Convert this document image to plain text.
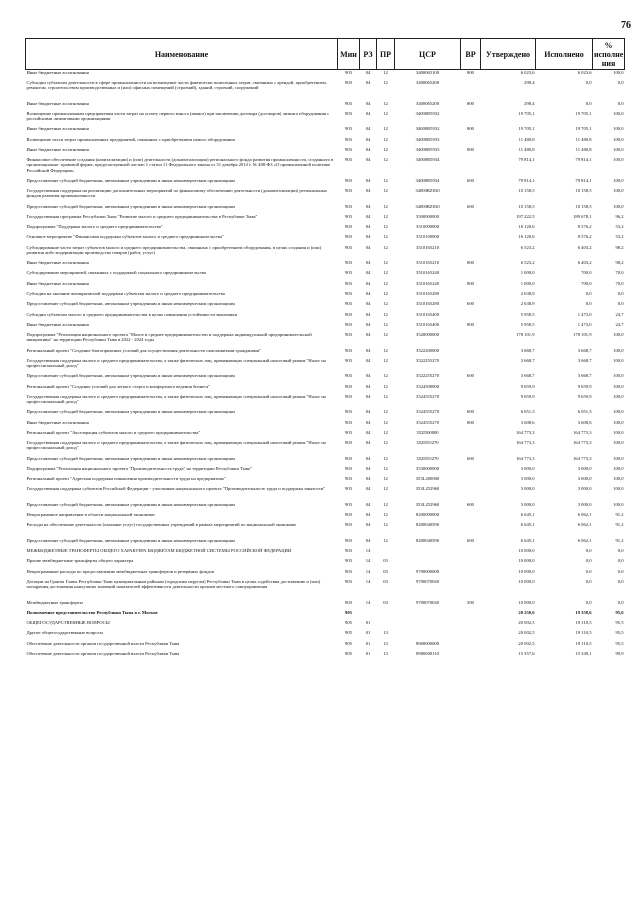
76
Наименование	Мин	РЗ	ПР	ЦСР	ВР	Утверждено	Исполнено	% исполне ния
Иные бюджетные ассигнования	903	04	12	3400065100	800	6 023,6	6 023,6	100,0
Субсидии субъектам деятельности в сфере промышленности на возмещение части фактически понесенных затрат, связанных с арендой, приобретением, ремонтом, строительством производственных и (или) офисных помещений (строений), зданий, строений, сооружений	903	04	12	3400065200		298,4	0,0	0,0
Иные бюджетные ассигнования	903	04	12	3400065200	800	298,4	0,0	0,0
Возмещение промышленным предприятиям части затрат на уплату первого взноса (аванса) при заключении договора (договоров) лизинга оборудования с российскими лизинговыми организациями	903	04	12	34000R5932		19 705,1	19 705,1	100,0
Иные бюджетные ассигнования	903	04	12	34000R5932	800	19 705,1	19 705,1	100,0
Возмещение части затрат промышленных предприятий, связанных с приобретением нового оборудования	903	04	12	34000R5933		11 480,8	11 480,8	100,0
Иные бюджетные ассигнования	903	04	12	34000R5933	800	11 480,8	11 480,8	100,0
Финансовое обеспечение создания (капитализации) и (или) деятельности (докапитализации) регионального фонда развития промышленности, созданного в организационно- правовой форме, предусмотренной частью 1 статьи 11 Федерального закона от 31 декабря 2014 г. № 488-ФЗ «О промышленной политике Российской Федерации»	903	04	12	34000R5934		79 814,1	79 814,1	100,0
Предоставление субсидий бюджетным, автономным учреждениям и иным некоммерческим организациям	903	04	12	34000R5934	600	79 814,1	79 814,1	100,0
Государственная поддержка на реализацию дополнительных мероприятий по финансовому обеспечению деятельности (докапитализации) региональных фондов развития промышленности	903	04	12	34000RZ030		10 158,5	10 158,5	100,0
Предоставление субсидий бюджетным, автономным учреждениям и иным некоммерческим организациям	903	04	12	34000RZ030	600	10 158,5	10 158,5	100,0
Государственная программа Республики Тыва "Развитие малого и среднего предпринимательства в Республике Тыва"	903	04	12	3500000000		197 222,5	189 678,1	96,2
Подпрограмма "Поддержка малого и среднего предпринимательства"	903	04	12	3510000000		16 120,6	8 576,2	53,2
Основное мероприятие "Финансовая поддержка субъектов малого и среднего предпринимательства"	903	04	12	3510100000		16 120,6	8 576,2	53,2
Субсидирование части затрат субъектов малого и среднего предпринимательства, связанных с приобретением оборудования, в целях создания и (или) развития либо модернизации производства товаров (работ, услуг)	903	04	12	3510165210		6 523,2	6 403,2	98,2
Иные бюджетные ассигнования	903	04	12	3510165210	800	6 523,2	6 403,2	98,2
Субсидирование мероприятий, связанных с поддержкой социального предпринимательства	903	04	12	3510165240		1 000,0	700,0	70,0
Иные бюджетные ассигнования	903	04	12	3510165240	800	1 000,0	700,0	70,0
Субсидии на оказание антикризисной поддержки субъектам малого и среднего предпринимательства	903	04	12	3510165280		2 638,9	0,0	0,0
Предоставление субсидий бюджетным, автономным учреждениям и иным некоммерческим организациям	903	04	12	3510165280	600	2 638,9	0,0	0,0
Субсидии субъектам малого и среднего предпринимательства в целях повышения устойчивости экономики	903	04	12	3510165400		5 958,5	1 473,0	24,7
Иные бюджетные ассигнования	903	04	12	3510165400	800	5 958,5	1 473,0	24,7
Подпрограмма "Реализация национального проекта "Малое и среднее предпринимательство и поддержка индивидуальной предпринимательской инициативы" на территории Республики Тыва в 2022 - 2024 годы	903	04	12	3520000000		178 101,9	178 101,9	100,0
Региональный проект "Создание благоприятных условий для осуществления деятельности самозанятыми гражданами"	903	04	12	3522200000		3 668,7	3 668,7	100,0
Государственная поддержка малого и среднего предпринимательства, а также физических лиц, применяющих специальный налоговый режим "Налог на профессиональный доход"	903	04	12	3522255270		3 668,7	3 668,7	100,0
Предоставление субсидий бюджетным, автономным учреждениям и иным некоммерческим организациям	903	04	12	3522255270	600	3 668,7	3 668,7	100,0
Региональный проект "Создание условий для легкого старта и комфортного ведения бизнеса"	903	04	12	3524500000		9 659,9	9 659,9	100,0
Государственная поддержка малого и среднего предпринимательства, а также физических лиц, применяющих специальный налоговый режим "Налог на профессиональный доход"	903	04	12	3524555270		9 659,9	9 659,9	100,0
Предоставление субсидий бюджетным, автономным учреждениям и иным некоммерческим организациям	903	04	12	3524555270	600	6 051,3	6 051,3	100,0
Иные бюджетные ассигнования	903	04	12	3524555270	800	3 608,6	3 608,6	100,0
Региональный проект "Акселерация субъектов малого и среднего предпринимательства"	903	04	12	352I500000		164 773,3	164 773,3	100,0
Государственная поддержка малого и среднего предпринимательства, а также физических лиц, применяющих специальный налоговый режим "Налог на профессиональный доход"	903	04	12	352I555270		164 773,3	164 773,3	100,0
Предоставление субсидий бюджетным, автономным учреждениям и иным некоммерческим организациям	903	04	12	352I555270	600	164 773,3	164 773,3	100,0
Подпрограмма "Реализация национального проекта "Производительность труда" на территории Республики Тыва"	903	04	12	3530000000		3 000,0	3 000,0	100,0
Региональный проект "Адресная поддержка повышения производительности труда на предприятиях"	903	04	12	353L200000		3 000,0	3 000,0	100,0
Государственная поддержка субъектов Российской Федерации - участников национального проекта "Производительность труда и поддержка занятости"	903	04	12	353L252960		3 000,0	3 000,0	100,0
Предоставление субсидий бюджетным, автономным учреждениям и иным некоммерческим организациям	903	04	12	353L252960	600	3 000,0	3 000,0	100,0
Непрограммное направление в области национальной экономики	903	04	12	8200000000		6 645,1	6 062,1	91,2
Расходы на обеспечение деятельности (оказание услуг) государственных учреждений в рамках мероприятий по национальной экономике	903	04	12	8200040590		6 645,1	6 062,1	91,2
Предоставление субсидий бюджетным, автономным учреждениям и иным некоммерческим организациям	903	04	12	8200040590	600	6 645,1	6 062,1	91,2
МЕЖБЮДЖЕТНЫЕ ТРАНСФЕРТЫ ОБЩЕГО ХАРАКТЕРА БЮДЖЕТАМ БЮДЖЕТНОЙ СИСТЕМЫ РОССИЙСКОЙ ФЕДЕРАЦИИ	903	14				10 000,0	0,0	0,0
Прочие межбюджетные трансферты общего характера	903	14	03			10 000,0	0,0	0,0
Непрограммные расходы по предоставлению межбюджетных трансфертов и резервных фондов	903	14	03	9700000000		10 000,0	0,0	0,0
Дотации на Гранты Главы Республики Тыва муниципальным районам (городским округам) Республики Тыва в целях содействия достижению и (или) поощрения достижения наилучших значений показателей эффективности деятельности органов местного самоуправления	903	14	03	9700070040		10 000,0	0,0	0,0
Межбюджетные трансферты	903	14	03	9700070040	500	10 000,0	0,0	0,0
Полномочное представительство Республики Тыва в г. Москве	905					20 250,6	19 358,6	95,6
ОБЩЕГОСУДАРСТВЕННЫЕ ВОПРОСЫ	905	01				20 002,5	19 110,5	95,5
Другие общегосударственные вопросы	905	01	13			20 002,5	19 110,5	95,5
Обеспечение деятельности органов государственной власти Республики Тыва	905	01	13	8900000000		20 002,5	19 110,5	95,5
Обеспечение деятельности органов государственной власти Республики Тыва	905	01	13	8900000110		15 357,6	15 349,1	99,9
